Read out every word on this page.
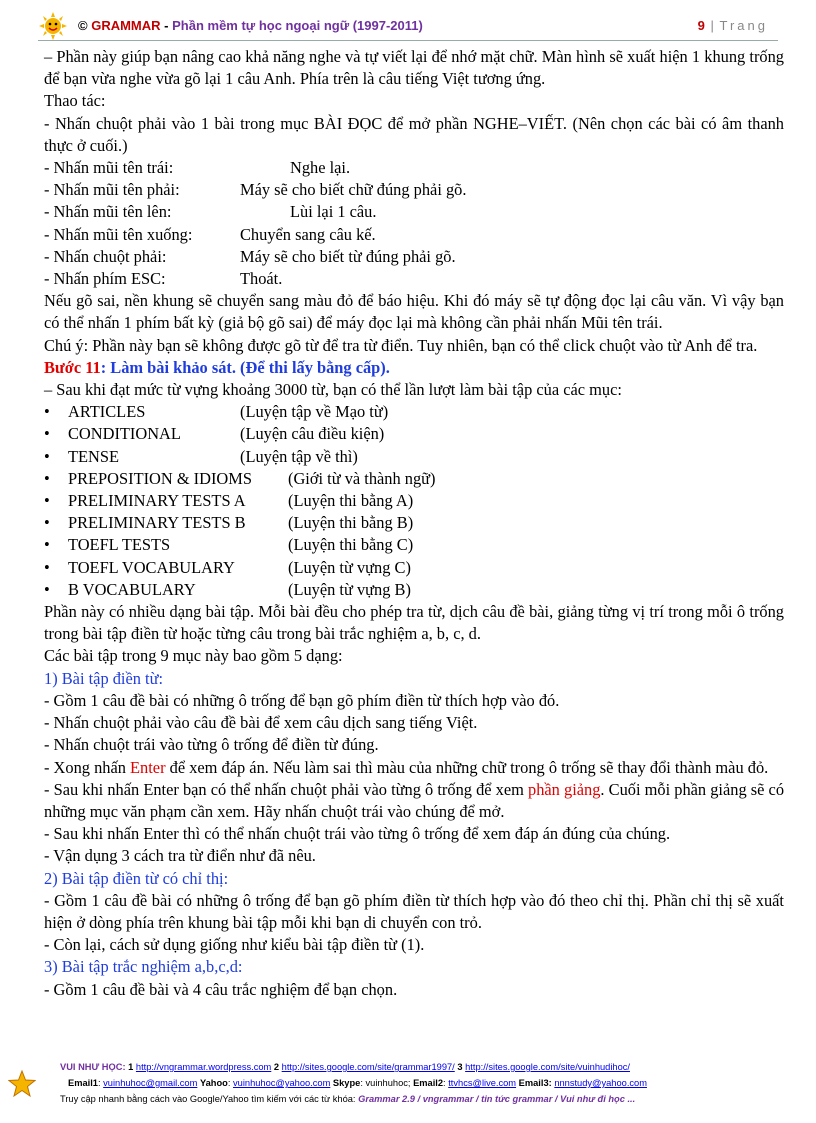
© GRAMMAR - Phần mềm tự học ngoại ngữ (1997-2011)	9 | Trang

– Phần này giúp bạn nâng cao khả năng nghe và tự viết lại để nhớ mặt chữ. Màn hình sẽ xuất hiện 1 khung trống để bạn vừa nghe vừa gõ lại 1 câu Anh. Phía trên là câu tiếng Việt tương ứng.

Thao tác:

- Nhấn chuột phải vào 1 bài trong mục BÀI ĐỌC để mở phần NGHE–VIẾT. (Nên chọn các bài có âm thanh thực ở cuối.)

- Nhấn mũi tên trái:	Nghe lại.
- Nhấn mũi tên phải:	Máy sẽ cho biết chữ đúng phải gõ.
- Nhấn mũi tên lên:	Lùi lại 1 câu.
- Nhấn mũi tên xuống:	Chuyển sang câu kế.
- Nhấn chuột phải:	Máy sẽ cho biết từ đúng phải gõ.
- Nhấn phím ESC:	Thoát.

Nếu gõ sai, nền khung sẽ chuyển sang màu đỏ để báo hiệu. Khi đó máy sẽ tự động đọc lại câu văn. Vì vậy bạn có thể nhấn 1 phím bất kỳ (giả bộ gõ sai) để máy đọc lại mà không cần phải nhấn Mũi tên trái.

Chú ý: Phần này bạn sẽ không được gõ từ để tra từ điển. Tuy nhiên, bạn có thể click chuột vào từ Anh để tra.

Bước 11: Làm bài khảo sát. (Để thi lấy bằng cấp).

– Sau khi đạt mức từ vựng khoảng 3000 từ, bạn có thể lần lượt làm bài tập của các mục:

• ARTICLES	(Luyện tập về Mạo từ)
• CONDITIONAL	(Luyện câu điều kiện)
• TENSE	(Luyện tập về thì)
• PREPOSITION & IDIOMS	(Giới từ và thành ngữ)
• PRELIMINARY TESTS A	(Luyện thi bằng A)
• PRELIMINARY TESTS B	(Luyện thi bằng B)
• TOEFL TESTS	(Luyện thi bằng C)
• TOEFL VOCABULARY	(Luyện từ vựng C)
• B VOCABULARY	(Luyện từ vựng B)

Phần này có nhiều dạng bài tập. Mỗi bài đều cho phép tra từ, dịch câu đề bài, giảng từng vị trí trong mỗi ô trống trong bài tập điền từ hoặc từng câu trong bài trắc nghiệm a, b, c, d.

Các bài tập trong 9 mục này bao gồm 5 dạng:

1) Bài tập điền từ:

- Gồm 1 câu đề bài có những ô trống để bạn gõ phím điền từ thích hợp vào đó.

- Nhấn chuột phải vào câu đề bài để xem câu dịch sang tiếng Việt.

- Nhấn chuột trái vào từng ô trống để điền từ đúng.

- Xong nhấn Enter để xem đáp án. Nếu làm sai thì màu của những chữ trong ô trống sẽ thay đổi thành màu đỏ.

- Sau khi nhấn Enter bạn có thể nhấn chuột phải vào từng ô trống để xem phần giảng. Cuối mỗi phần giảng sẽ có những mục văn phạm cần xem. Hãy nhấn chuột trái vào chúng để mở.

- Sau khi nhấn Enter thì có thể nhấn chuột trái vào từng ô trống để xem đáp án đúng của chúng.

- Vận dụng 3 cách tra từ điển như đã nêu.

2) Bài tập điền từ có chỉ thị:

- Gồm 1 câu đề bài có những ô trống để bạn gõ phím điền từ thích hợp vào đó theo chỉ thị. Phần chỉ thị sẽ xuất hiện ở dòng phía trên khung bài tập mỗi khi bạn di chuyển con trỏ.

- Còn lại, cách sử dụng giống như kiểu bài tập điền từ (1).

3) Bài tập trắc nghiệm a,b,c,d:

- Gồm 1 câu đề bài và 4 câu trắc nghiệm để bạn chọn.

VUI NHƯ HỌC: 1 http://vngrammar.wordpress.com 2 http://sites.google.com/site/grammar1997/ 3 http://sites.google.com/site/vuinhudihoc/
Email1: vuinhuhoc@gmail.com Yahoo: vuinhuhoc@yahoo.com Skype: vuinhuhoc; Email2: ttvhcs@live.com Email3: nnnstudy@yahoo.com
Truy cập nhanh bằng cách vào Google/Yahoo tìm kiếm với các từ khóa: Grammar 2.9 / vngrammar / tin tức grammar / Vui như đi học ...
